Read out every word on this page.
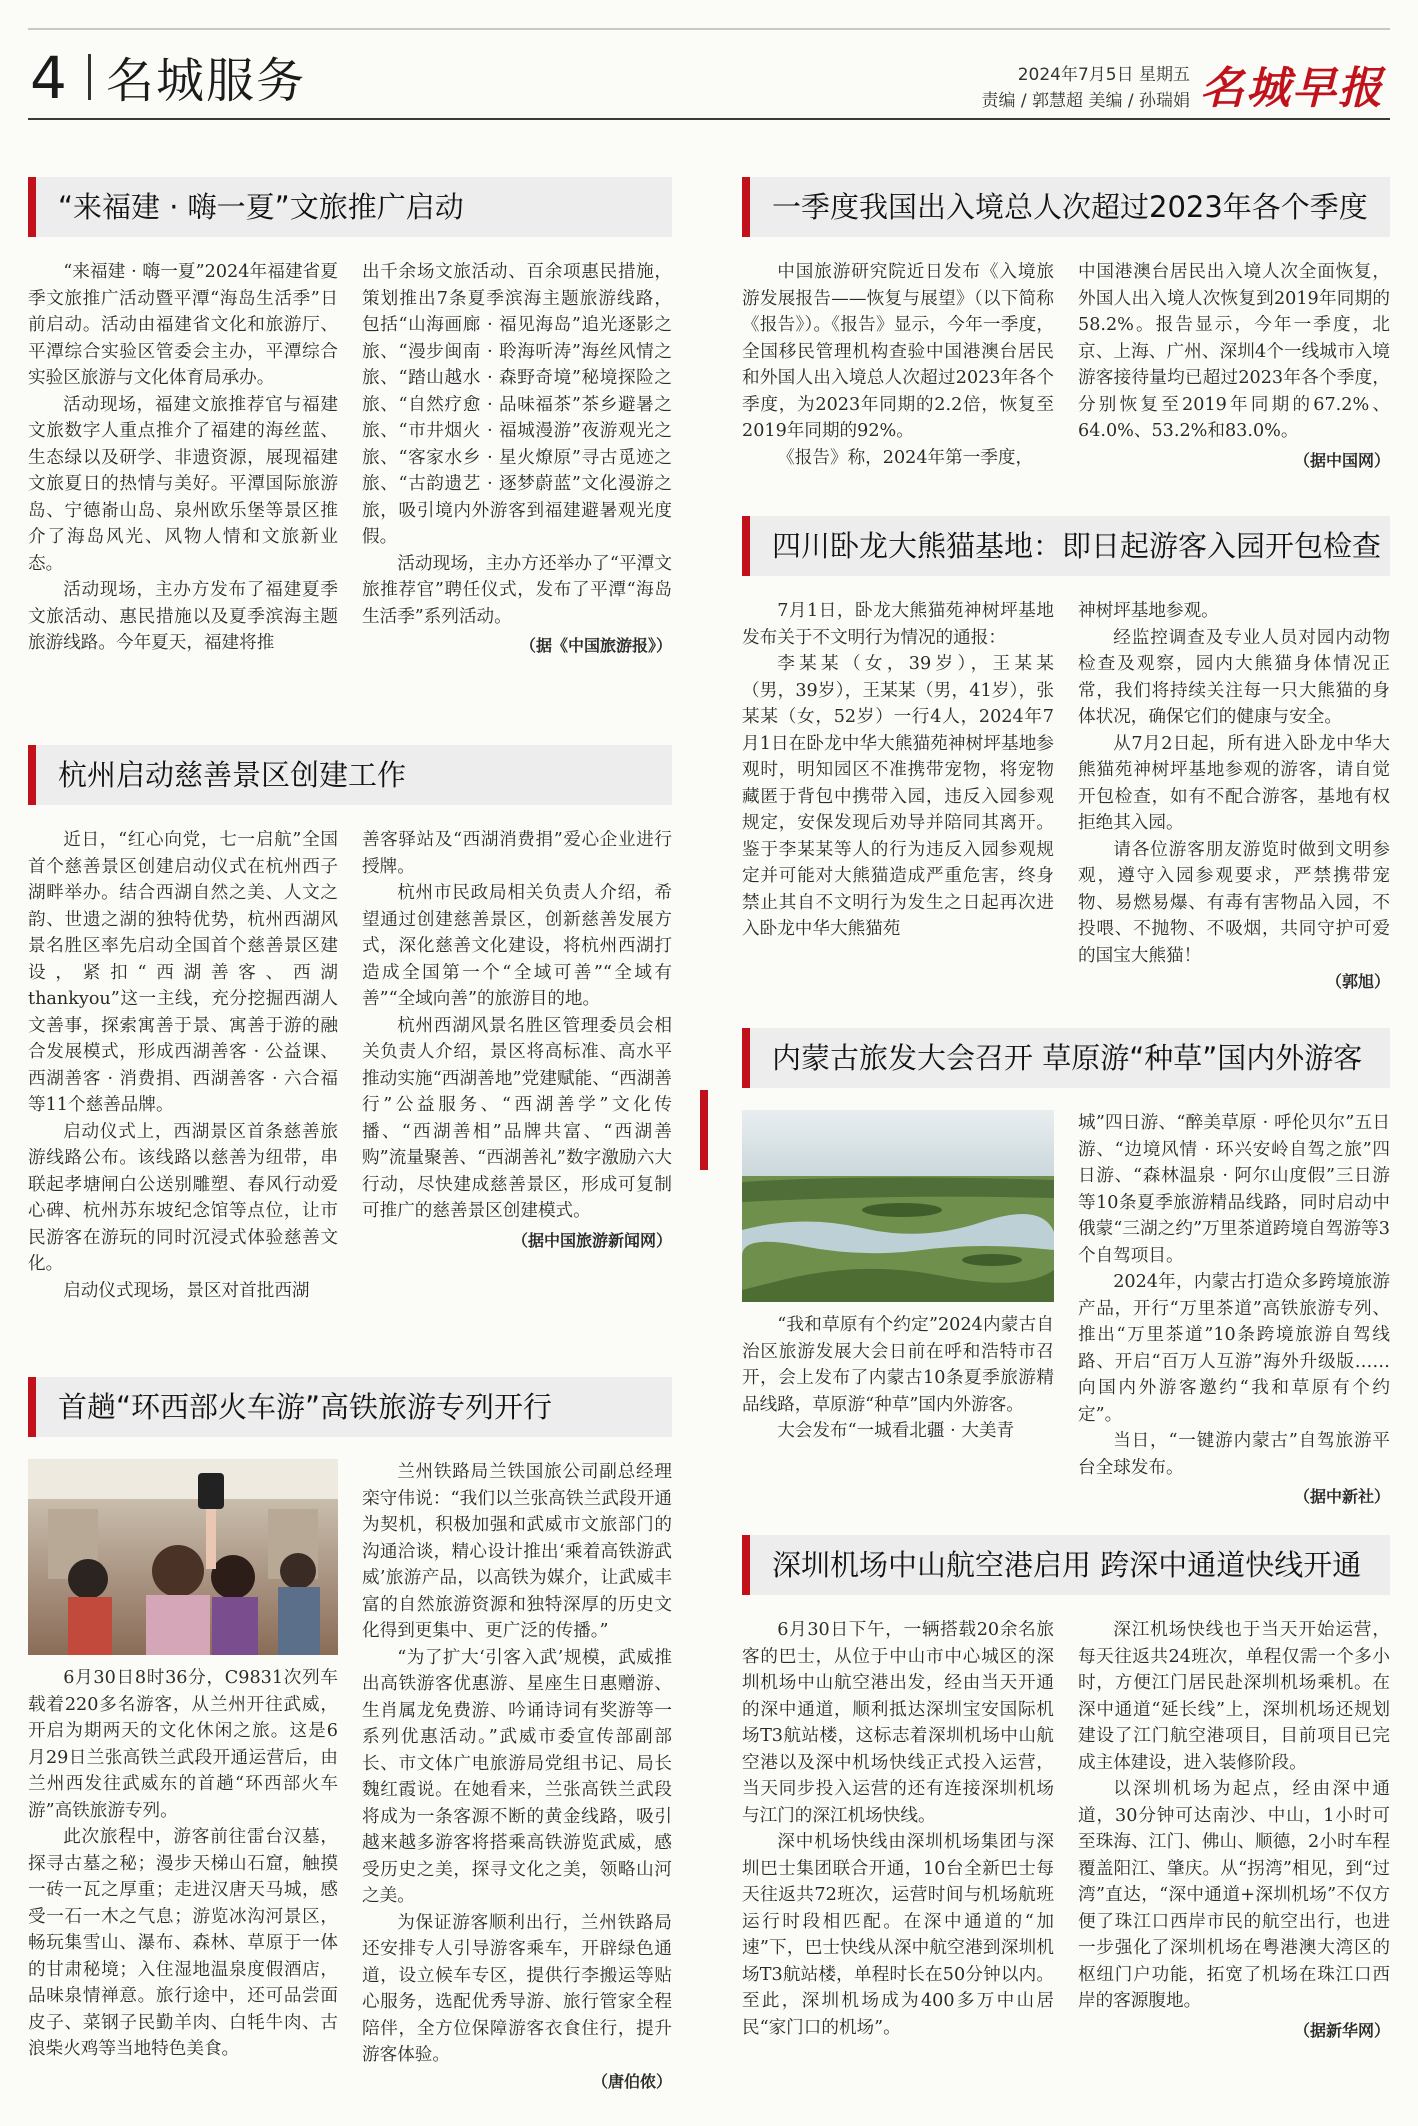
4 名城服务	2024年7月5日 星期五
责编 / 郭慧超 美编 / 孙瑞娟 名城早报
“来福建 · 嗨一夏”文旅推广启动

“来福建 · 嗨一夏”2024年福建省夏季文旅推广活动暨平潭“海岛生活季”日前启动。活动由福建省文化和旅游厅、平潭综合实验区管委会主办，平潭综合实验区旅游与文化体育局承办。

活动现场，福建文旅推荐官与福建文旅数字人重点推介了福建的海丝蓝、生态绿以及研学、非遗资源，展现福建文旅夏日的热情与美好。平潭国际旅游岛、宁德嵛山岛、泉州欧乐堡等景区推介了海岛风光、风物人情和文旅新业态。

活动现场，主办方发布了福建夏季文旅活动、惠民措施以及夏季滨海主题旅游线路。今年夏天，福建将推

出千余场文旅活动、百余项惠民措施，策划推出7条夏季滨海主题旅游线路，包括“山海画廊 · 福见海岛”追光逐影之旅、“漫步闽南 · 聆海听涛”海丝风情之旅、“踏山越水 · 森野奇境”秘境探险之旅、“自然疗愈 · 品味福茶”茶乡避暑之旅、“市井烟火 · 福城漫游”夜游观光之旅、“客家水乡 · 星火燎原”寻古觅迹之旅、“古韵遗艺 · 逐梦蔚蓝”文化漫游之旅，吸引境内外游客到福建避暑观光度假。

活动现场，主办方还举办了“平潭文旅推荐官”聘任仪式，发布了平潭“海岛生活季”系列活动。

（据《中国旅游报》）
杭州启动慈善景区创建工作

近日，“红心向党，七一启航”全国首个慈善景区创建启动仪式在杭州西子湖畔举办。结合西湖自然之美、人文之韵、世遗之湖的独特优势，杭州西湖风景名胜区率先启动全国首个慈善景区建设，紧扣“西湖善客、西湖thankyou”这一主线，充分挖掘西湖人文善事，探索寓善于景、寓善于游的融合发展模式，形成西湖善客 · 公益课、西湖善客 · 消费捐、西湖善客 · 六合福等11个慈善品牌。

启动仪式上，西湖景区首条慈善旅游线路公布。该线路以慈善为纽带，串联起孝塘闸白公送别雕塑、春风行动爱心碑、杭州苏东坡纪念馆等点位，让市民游客在游玩的同时沉浸式体验慈善文化。

启动仪式现场，景区对首批西湖

善客驿站及“西湖消费捐”爱心企业进行授牌。

杭州市民政局相关负责人介绍，希望通过创建慈善景区，创新慈善发展方式，深化慈善文化建设，将杭州西湖打造成全国第一个“全域可善”“全域有善”“全域向善”的旅游目的地。

杭州西湖风景名胜区管理委员会相关负责人介绍，景区将高标准、高水平推动实施“西湖善地”党建赋能、“西湖善行”公益服务、“西湖善学”文化传播、“西湖善相”品牌共富、“西湖善购”流量聚善、“西湖善礼”数字激励六大行动，尽快建成慈善景区，形成可复制可推广的慈善景区创建模式。

（据中国旅游新闻网）
首趟“环西部火车游”高铁旅游专列开行

6月30日8时36分，C9831次列车载着220多名游客，从兰州开往武威，开启为期两天的文化休闲之旅。这是6月29日兰张高铁兰武段开通运营后，由兰州西发往武威东的首趟“环西部火车游”高铁旅游专列。

此次旅程中，游客前往雷台汉墓，探寻古墓之秘；漫步天梯山石窟，触摸一砖一瓦之厚重；走进汉唐天马城，感受一石一木之气息；游览冰沟河景区，畅玩集雪山、瀑布、森林、草原于一体的甘肃秘境；入住湿地温泉度假酒店，品味泉情禅意。旅行途中，还可品尝面皮子、菜钢子民勤羊肉、白牦牛肉、古浪柴火鸡等当地特色美食。

兰州铁路局兰铁国旅公司副总经理栾守伟说：“我们以兰张高铁兰武段开通为契机，积极加强和武威市文旅部门的沟通洽谈，精心设计推出‘乘着高铁游武威’旅游产品，以高铁为媒介，让武威丰富的自然旅游资源和独特深厚的历史文化得到更集中、更广泛的传播。”

“为了扩大‘引客入武’规模，武威推出高铁游客优惠游、星座生日惠赠游、生肖属龙免费游、吟诵诗词有奖游等一系列优惠活动。”武威市委宣传部副部长、市文体广电旅游局党组书记、局长魏红霞说。在她看来，兰张高铁兰武段将成为一条客源不断的黄金线路，吸引越来越多游客将搭乘高铁游览武威，感受历史之美，探寻文化之美，领略山河之美。

为保证游客顺利出行，兰州铁路局还安排专人引导游客乘车，开辟绿色通道，设立候车专区，提供行李搬运等贴心服务，选配优秀导游、旅行管家全程陪伴，全方位保障游客衣食住行，提升游客体验。

（唐伯侬）
一季度我国出入境总人次超过2023年各个季度

中国旅游研究院近日发布《入境旅游发展报告——恢复与展望》（以下简称《报告》）。《报告》显示，今年一季度，全国移民管理机构查验中国港澳台居民和外国人出入境总人次超过2023年各个季度，为2023年同期的2.2倍，恢复至2019年同期的92%。

《报告》称，2024年第一季度，

中国港澳台居民出入境人次全面恢复，外国人出入境人次恢复到2019年同期的58.2%。报告显示，今年一季度，北京、上海、广州、深圳4个一线城市入境游客接待量均已超过2023年各个季度，分别恢复至2019年同期的67.2%、64.0%、53.2%和83.0%。

（据中国网）
四川卧龙大熊猫基地：即日起游客入园开包检查

7月1日，卧龙大熊猫苑神树坪基地发布关于不文明行为情况的通报：

李某某（女，39岁），王某某（男，39岁），王某某（男，41岁），张某某（女，52岁）一行4人，2024年7月1日在卧龙中华大熊猫苑神树坪基地参观时，明知园区不准携带宠物，将宠物藏匿于背包中携带入园，违反入园参观规定，安保发现后劝导并陪同其离开。鉴于李某某等人的行为违反入园参观规定并可能对大熊猫造成严重危害，终身禁止其自不文明行为发生之日起再次进入卧龙中华大熊猫苑

神树坪基地参观。

经监控调查及专业人员对园内动物检查及观察，园内大熊猫身体情况正常，我们将持续关注每一只大熊猫的身体状况，确保它们的健康与安全。

从7月2日起，所有进入卧龙中华大熊猫苑神树坪基地参观的游客，请自觉开包检查，如有不配合游客，基地有权拒绝其入园。

请各位游客朋友游览时做到文明参观，遵守入园参观要求，严禁携带宠物、易燃易爆、有毒有害物品入园，不投喂、不抛物、不吸烟，共同守护可爱的国宝大熊猫！

（郭旭）
内蒙古旅发大会召开 草原游“种草”国内外游客

“我和草原有个约定”2024内蒙古自治区旅游发展大会日前在呼和浩特市召开，会上发布了内蒙古10条夏季旅游精品线路，草原游“种草”国内外游客。

大会发布“一城看北疆 · 大美青

城”四日游、“醉美草原 · 呼伦贝尔”五日游、“边境风情 · 环兴安岭自驾之旅”四日游、“森林温泉 · 阿尔山度假”三日游等10条夏季旅游精品线路，同时启动中俄蒙“三湖之约”万里茶道跨境自驾游等3个自驾项目。

2024年，内蒙古打造众多跨境旅游产品，开行“万里茶道”高铁旅游专列、推出“万里茶道”10条跨境旅游自驾线路、开启“百万人互游”海外升级版……向国内外游客邀约“我和草原有个约定”。

当日，“一键游内蒙古”自驾旅游平台全球发布。

（据中新社）
深圳机场中山航空港启用 跨深中通道快线开通

6月30日下午，一辆搭载20余名旅客的巴士，从位于中山市中心城区的深圳机场中山航空港出发，经由当天开通的深中通道，顺利抵达深圳宝安国际机场T3航站楼，这标志着深圳机场中山航空港以及深中机场快线正式投入运营，当天同步投入运营的还有连接深圳机场与江门的深江机场快线。

深中机场快线由深圳机场集团与深圳巴士集团联合开通，10台全新巴士每天往返共72班次，运营时间与机场航班运行时段相匹配。在深中通道的“加速”下，巴士快线从深中航空港到深圳机场T3航站楼，单程时长在50分钟以内。至此，深圳机场成为400多万中山居民“家门口的机场”。

深江机场快线也于当天开始运营，每天往返共24班次，单程仅需一个多小时，方便江门居民赴深圳机场乘机。在深中通道“延长线”上，深圳机场还规划建设了江门航空港项目，目前项目已完成主体建设，进入装修阶段。

以深圳机场为起点，经由深中通道，30分钟可达南沙、中山，1小时可至珠海、江门、佛山、顺德，2小时车程覆盖阳江、肇庆。从“拐湾”相见，到“过湾”直达，“深中通道+深圳机场”不仅方便了珠江口西岸市民的航空出行，也进一步强化了深圳机场在粤港澳大湾区的枢纽门户功能，拓宽了机场在珠江口西岸的客源腹地。

（据新华网）
